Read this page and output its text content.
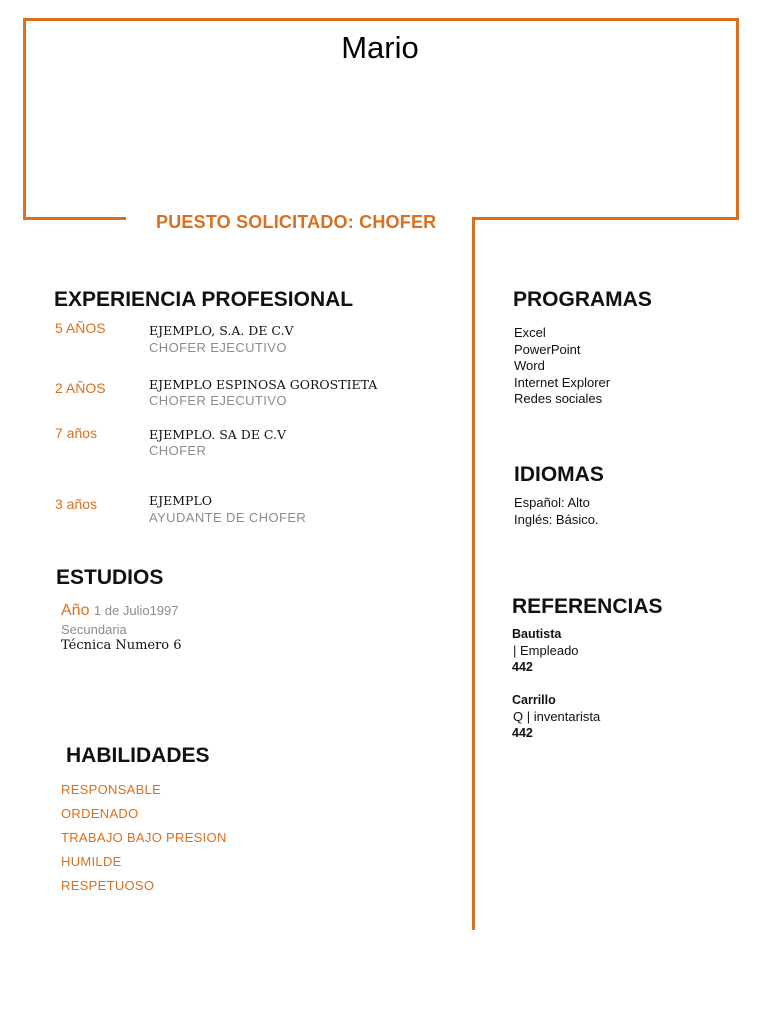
Mario
PUESTO SOLICITADO: CHOFER
EXPERIENCIA PROFESIONAL
5 AÑOS	EJEMPLO, S.A. DE C.V
CHOFER EJECUTIVO
2 AÑOS	EJEMPLO ESPINOSA GOROSTIETA
CHOFER EJECUTIVO
7 años	EJEMPLO. SA DE C.V
CHOFER
3 años	EJEMPLO
AYUDANTE DE CHOFER
ESTUDIOS
Año 1 de Julio1997
Secundaria
Técnica Numero 6
HABILIDADES
RESPONSABLE
ORDENADO
TRABAJO BAJO PRESION
HUMILDE
RESPETUOSO
PROGRAMAS
Excel
PowerPoint
Word
Internet Explorer
Redes sociales
IDIOMAS
Español: Alto
Inglés: Básico.
REFERENCIAS
Bautista
| Empleado
442
Carrillo
Q | inventarista
442
